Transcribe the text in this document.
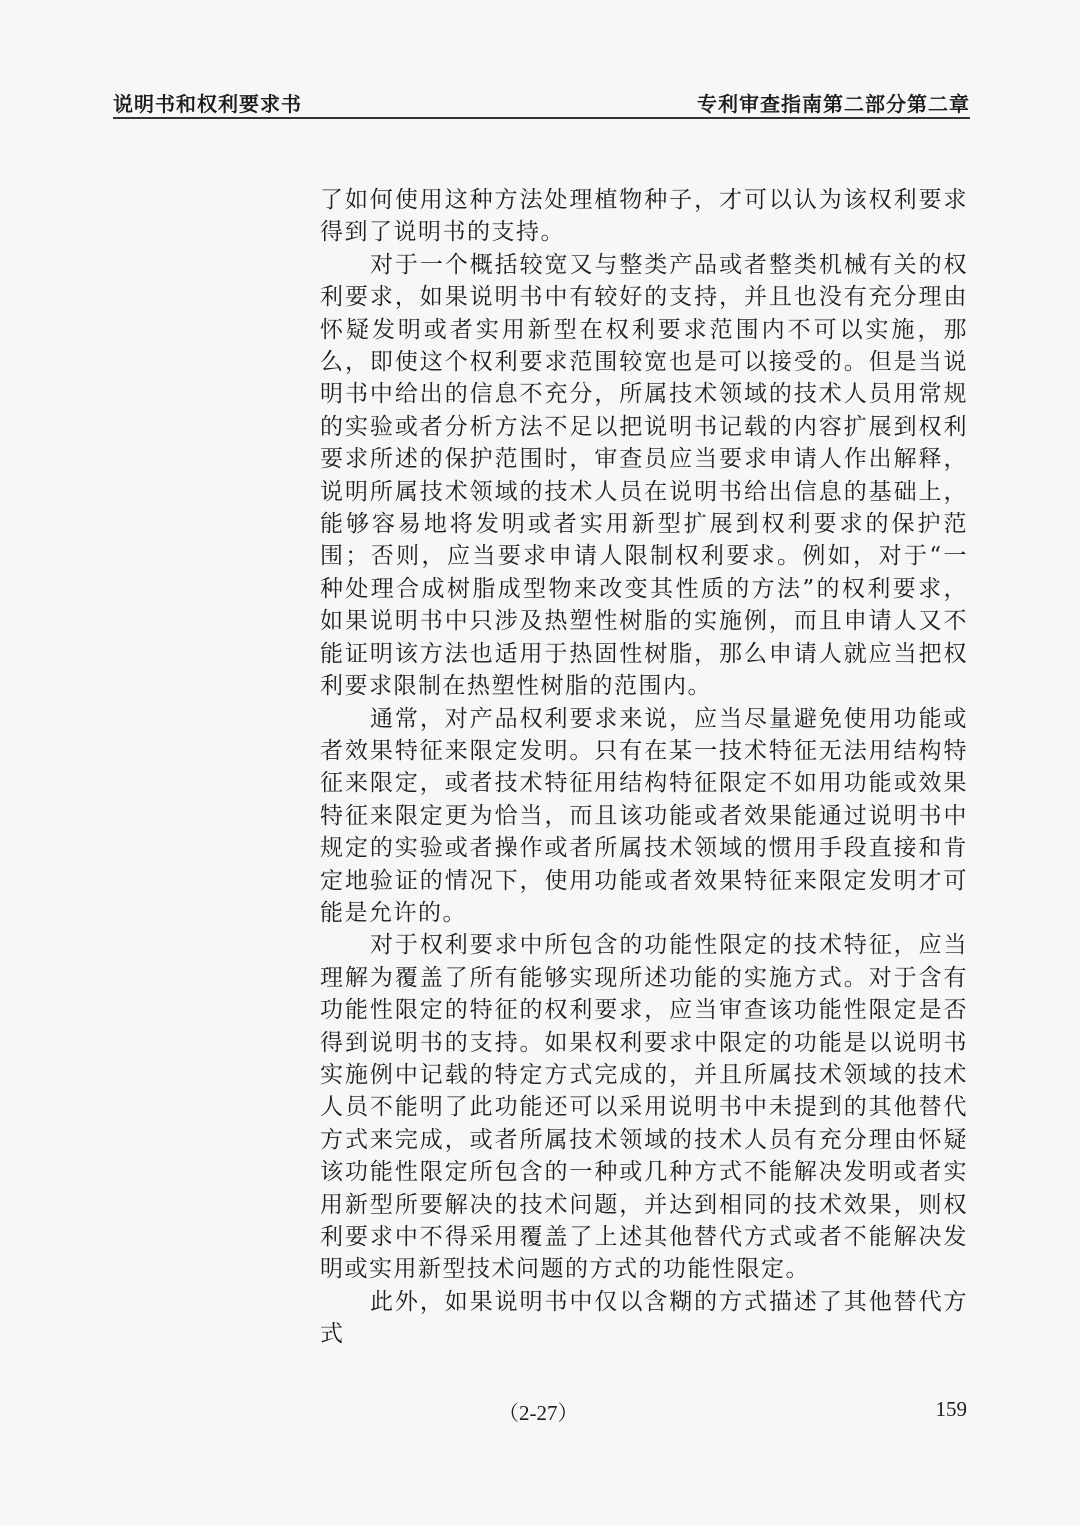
说明书和权利要求书	专利审查指南第二部分第二章

了如何使用这种方法处理植物种子，才可以认为该权利要求得到了说明书的支持。

对于一个概括较宽又与整类产品或者整类机械有关的权利要求，如果说明书中有较好的支持，并且也没有充分理由怀疑发明或者实用新型在权利要求范围内不可以实施，那么，即使这个权利要求范围较宽也是可以接受的。但是当说明书中给出的信息不充分，所属技术领域的技术人员用常规的实验或者分析方法不足以把说明书记载的内容扩展到权利要求所述的保护范围时，审查员应当要求申请人作出解释，说明所属技术领域的技术人员在说明书给出信息的基础上，能够容易地将发明或者实用新型扩展到权利要求的保护范围；否则，应当要求申请人限制权利要求。例如，对于“一种处理合成树脂成型物来改变其性质的方法”的权利要求，如果说明书中只涉及热塑性树脂的实施例，而且申请人又不能证明该方法也适用于热固性树脂，那么申请人就应当把权利要求限制在热塑性树脂的范围内。

通常，对产品权利要求来说，应当尽量避免使用功能或者效果特征来限定发明。只有在某一技术特征无法用结构特征来限定，或者技术特征用结构特征限定不如用功能或效果特征来限定更为恰当，而且该功能或者效果能通过说明书中规定的实验或者操作或者所属技术领域的惯用手段直接和肯定地验证的情况下，使用功能或者效果特征来限定发明才可能是允许的。

对于权利要求中所包含的功能性限定的技术特征，应当理解为覆盖了所有能够实现所述功能的实施方式。对于含有功能性限定的特征的权利要求，应当审查该功能性限定是否得到说明书的支持。如果权利要求中限定的功能是以说明书实施例中记载的特定方式完成的，并且所属技术领域的技术人员不能明了此功能还可以采用说明书中未提到的其他替代方式来完成，或者所属技术领域的技术人员有充分理由怀疑该功能性限定所包含的一种或几种方式不能解决发明或者实用新型所要解决的技术问题，并达到相同的技术效果，则权利要求中不得采用覆盖了上述其他替代方式或者不能解决发明或实用新型技术问题的方式的功能性限定。

此外，如果说明书中仅以含糊的方式描述了其他替代方式

（2-27）	159
